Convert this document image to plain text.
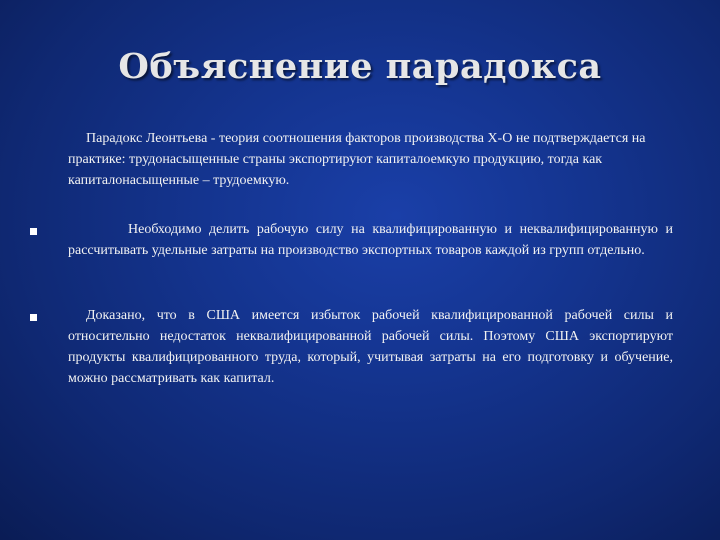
Объяснение парадокса
Парадокс Леонтьева - теория соотношения факторов производства Х-О не подтверждается на практике: трудонасыщенные страны экспортируют капиталоемкую продукцию, тогда как капиталонасыщенные – трудоемкую.
Необходимо делить рабочую силу на квалифицированную и неквалифицированную и рассчитывать удельные затраты на производство экспортных товаров каждой из групп отдельно.
Доказано, что в США имеется избыток рабочей квалифицированной рабочей силы и относительно недостаток неквалифицированной рабочей силы. Поэтому США экспортируют продукты квалифицированного труда, который, учитывая затраты на его подготовку и обучение, можно рассматривать как капитал.
